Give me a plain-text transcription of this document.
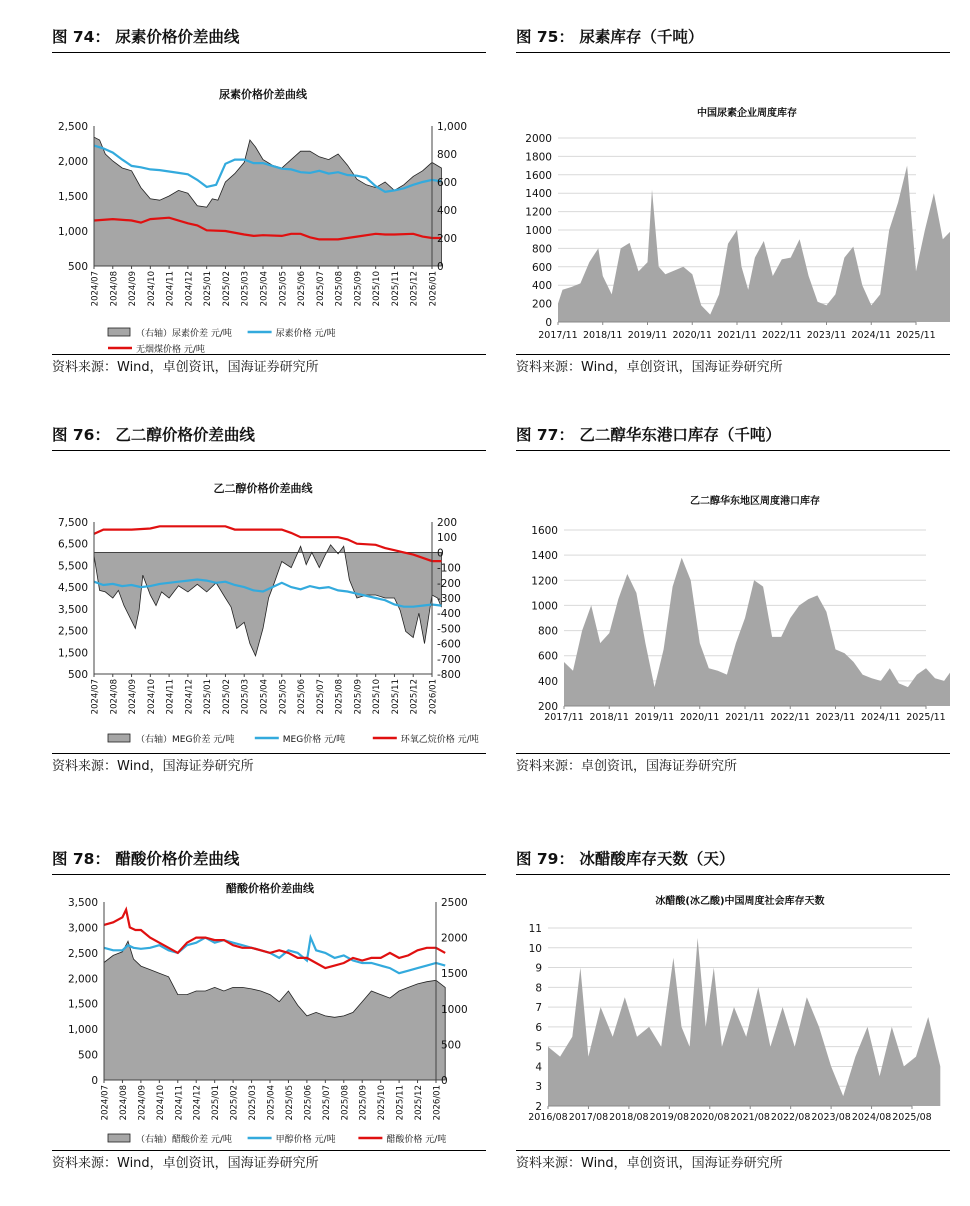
图 74： 尿素价格价差曲线
尿素价格价差曲线
2,500
2,000
1,500
1,000
500
1,000
800
600
400
200
0
2024/07 2024/08 2024/09 2024/10 2024/11 2024/12 2025/01 2025/02 2025/03 2025/04 2025/05 2025/06 2025/07 2025/08 2025/09 2025/10 2025/11 2025/12 2026/01
（右轴）尿素价差 元/吨	尿素价格 元/吨
无烟煤价格 元/吨
资料来源：Wind，卓创资讯，国海证券研究所
图 75： 尿素库存（千吨）
中国尿素企业周度库存
2000
1800
1600
1400
1200
1000
800
600
400
200
0
2017/11 2018/11 2019/11 2020/11 2021/11 2022/11 2023/11 2024/11 2025/11
资料来源：Wind，卓创资讯，国海证券研究所
图 76： 乙二醇价格价差曲线
乙二醇价格价差曲线
7,500
6,500
5,500
4,500
3,500
2,500
1,500
500
200
100
0
-100
-200
-300
-400
-500
-600
-700
-800
2024/07 2024/08 2024/09 2024/10 2024/11 2024/12 2025/01 2025/02 2025/03 2025/04 2025/05 2025/06 2025/07 2025/08 2025/09 2025/10 2025/11 2025/12 2026/01
（右轴）MEG价差 元/吨	MEG价格 元/吨	环氧乙烷价格 元/吨
资料来源：Wind，国海证券研究所
图 77： 乙二醇华东港口库存（千吨）
乙二醇华东地区周度港口库存
1600
1400
1200
1000
800
600
400
200
2017/11 2018/11 2019/11 2020/11 2021/11 2022/11 2023/11 2024/11 2025/11
资料来源：卓创资讯，国海证券研究所
图 78： 醋酸价格价差曲线
醋酸价格价差曲线
3,500
3,000
2,500
2,000
1,500
1,000
500
0
2500
2000
1500
1000
500
0
2024/07 2024/08 2024/09 2024/10 2024/11 2024/12 2025/01 2025/02 2025/03 2025/04 2025/05 2025/06 2025/07 2025/08 2025/09 2025/10 2025/11 2025/12 2026/01
（右轴）醋酸价差 元/吨	甲醇价格 元/吨	醋酸价格 元/吨
资料来源：Wind，卓创资讯，国海证券研究所
图 79： 冰醋酸库存天数（天）
冰醋酸(冰乙酸)中国周度社会库存天数
11
10
9
8
7
6
5
4
3
2
2016/08 2017/08 2018/08 2019/08 2020/08 2021/08 2022/08 2023/08 2024/08 2025/08
资料来源：Wind，卓创资讯，国海证券研究所
